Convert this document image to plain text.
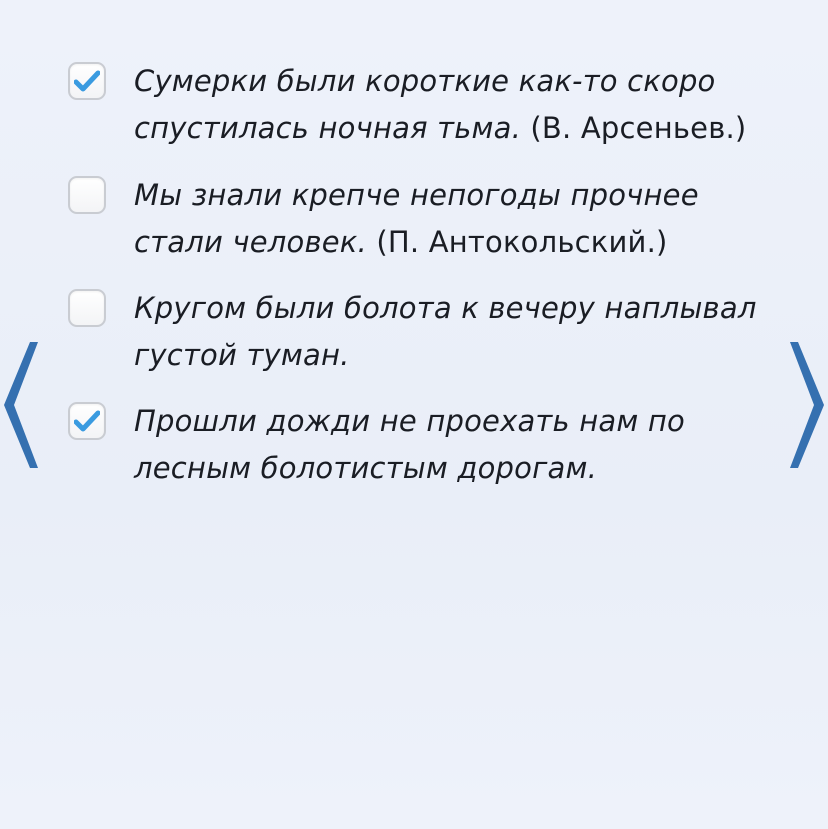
Сумерки были короткие как-то скоро спустилась ночная тьма. (В. Арсеньев.)
Мы знали крепче непогоды прочнее стали человек. (П. Антокольский.)
Кругом были болота к вечеру наплывал густой туман.
Прошли дожди не проехать нам по лесным болотистым дорогам.
